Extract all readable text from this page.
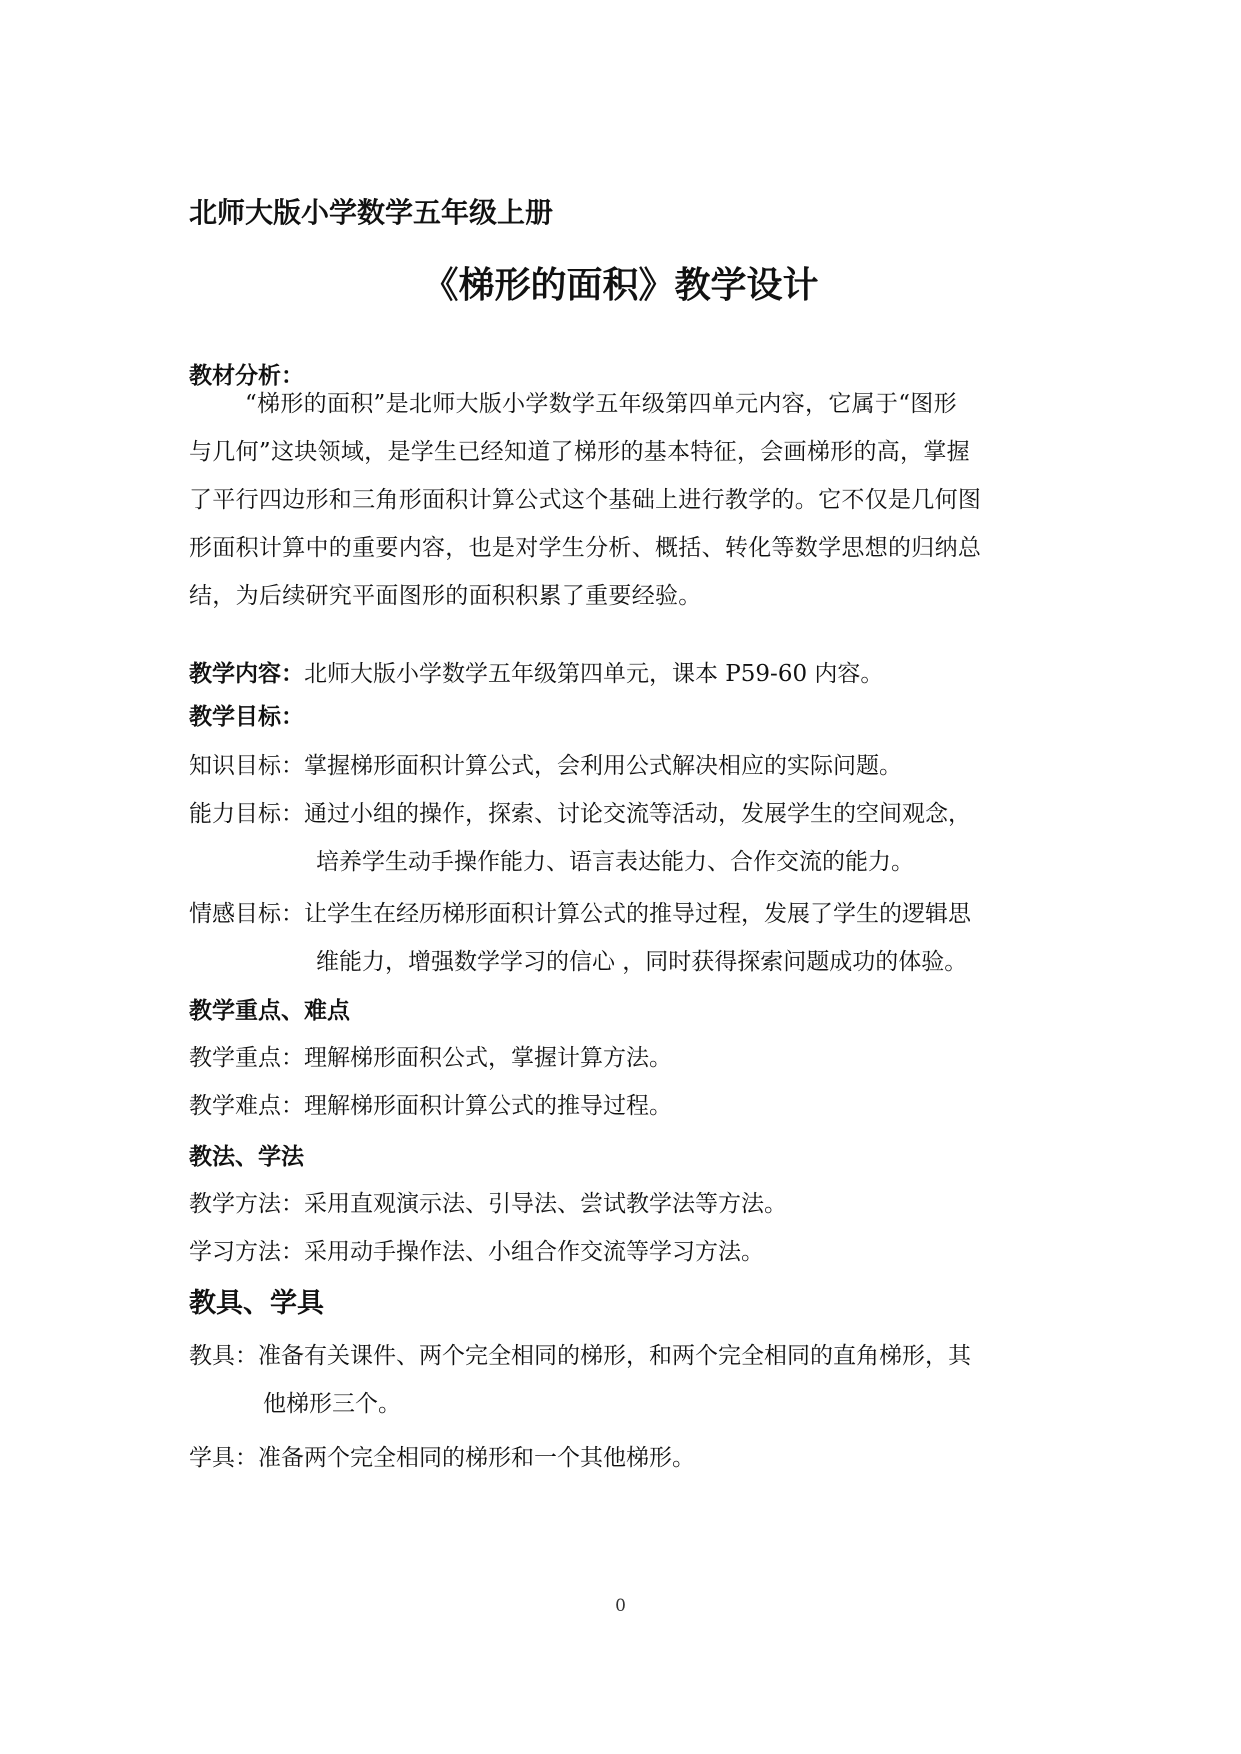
北师大版小学数学五年级上册
《梯形的面积》教学设计
教材分析：
“梯形的面积”是北师大版小学数学五年级第四单元内容，它属于“图形
与几何”这块领域，是学生已经知道了梯形的基本特征，会画梯形的高，掌握
了平行四边形和三角形面积计算公式这个基础上进行教学的。它不仅是几何图
形面积计算中的重要内容，也是对学生分析、概括、转化等数学思想的归纳总
结，为后续研究平面图形的面积积累了重要经验。
教学内容：北师大版小学数学五年级第四单元，课本 P59-60 内容。
教学目标：
知识目标：掌握梯形面积计算公式，会利用公式解决相应的实际问题。
能力目标：通过小组的操作，探索、讨论交流等活动，发展学生的空间观念，
培养学生动手操作能力、语言表达能力、合作交流的能力。
情感目标：让学生在经历梯形面积计算公式的推导过程，发展了学生的逻辑思
维能力，增强数学学习的信心 ，同时获得探索问题成功的体验。
教学重点、难点
教学重点：理解梯形面积公式，掌握计算方法。
教学难点：理解梯形面积计算公式的推导过程。
教法、学法
教学方法：采用直观演示法、引导法、尝试教学法等方法。
学习方法：采用动手操作法、小组合作交流等学习方法。
教具、学具
教具：准备有关课件、两个完全相同的梯形，和两个完全相同的直角梯形，其
他梯形三个。
学具：准备两个完全相同的梯形和一个其他梯形。
0
